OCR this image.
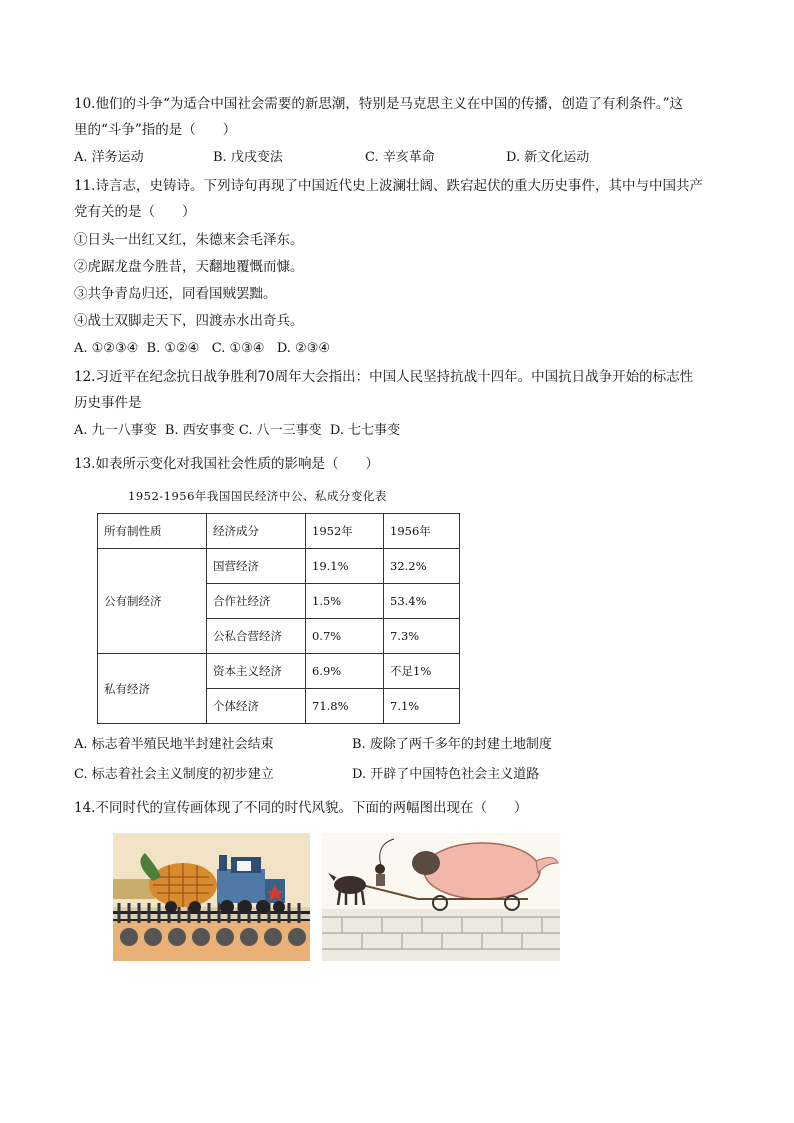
10.他们的斗争“为适合中国社会需要的新思潮，特别是马克思主义在中国的传播，创造了有利条件。”这
里的“斗争”指的是（　　）
A. 洋务运动	B. 戊戌变法	C. 辛亥革命	D. 新文化运动
11.诗言志，史铸诗。下列诗句再现了中国近代史上波澜壮阔、跌宕起伏的重大历史事件，其中与中国共产
党有关的是（　　）
①日头一出红又红，朱德来会毛泽东。
②虎踞龙盘今胜昔，天翻地覆慨而慷。
③共争青岛归还，同看国贼罢黜。
④战士双脚走天下，四渡赤水出奇兵。
A. ①②③④  B. ①②④   C. ①③④   D. ②③④
12.习近平在纪念抗日战争胜利70周年大会指出：中国人民坚持抗战十四年。中国抗日战争开始的标志性
历史事件是
A. 九一八事变  B. 西安事变 C. 八一三事变  D. 七七事变
13.如表所示变化对我国社会性质的影响是（　　）
1952-1956年我国国民经济中公、私成分变化表
所有制性质	经济成分	1952年	1956年
公有制经济	国营经济	19.1%	32.2%
	合作社经济	1.5%	53.4%
	公私合营经济	0.7%	7.3%
私有经济	资本主义经济	6.9%	不足1%
	个体经济	71.8%	7.1%
A. 标志着半殖民地半封建社会结束	B. 废除了两千多年的封建土地制度
C. 标志着社会主义制度的初步建立	D. 开辟了中国特色社会主义道路
14.不同时代的宣传画体现了不同的时代风貌。下面的两幅图出现在（　　）
